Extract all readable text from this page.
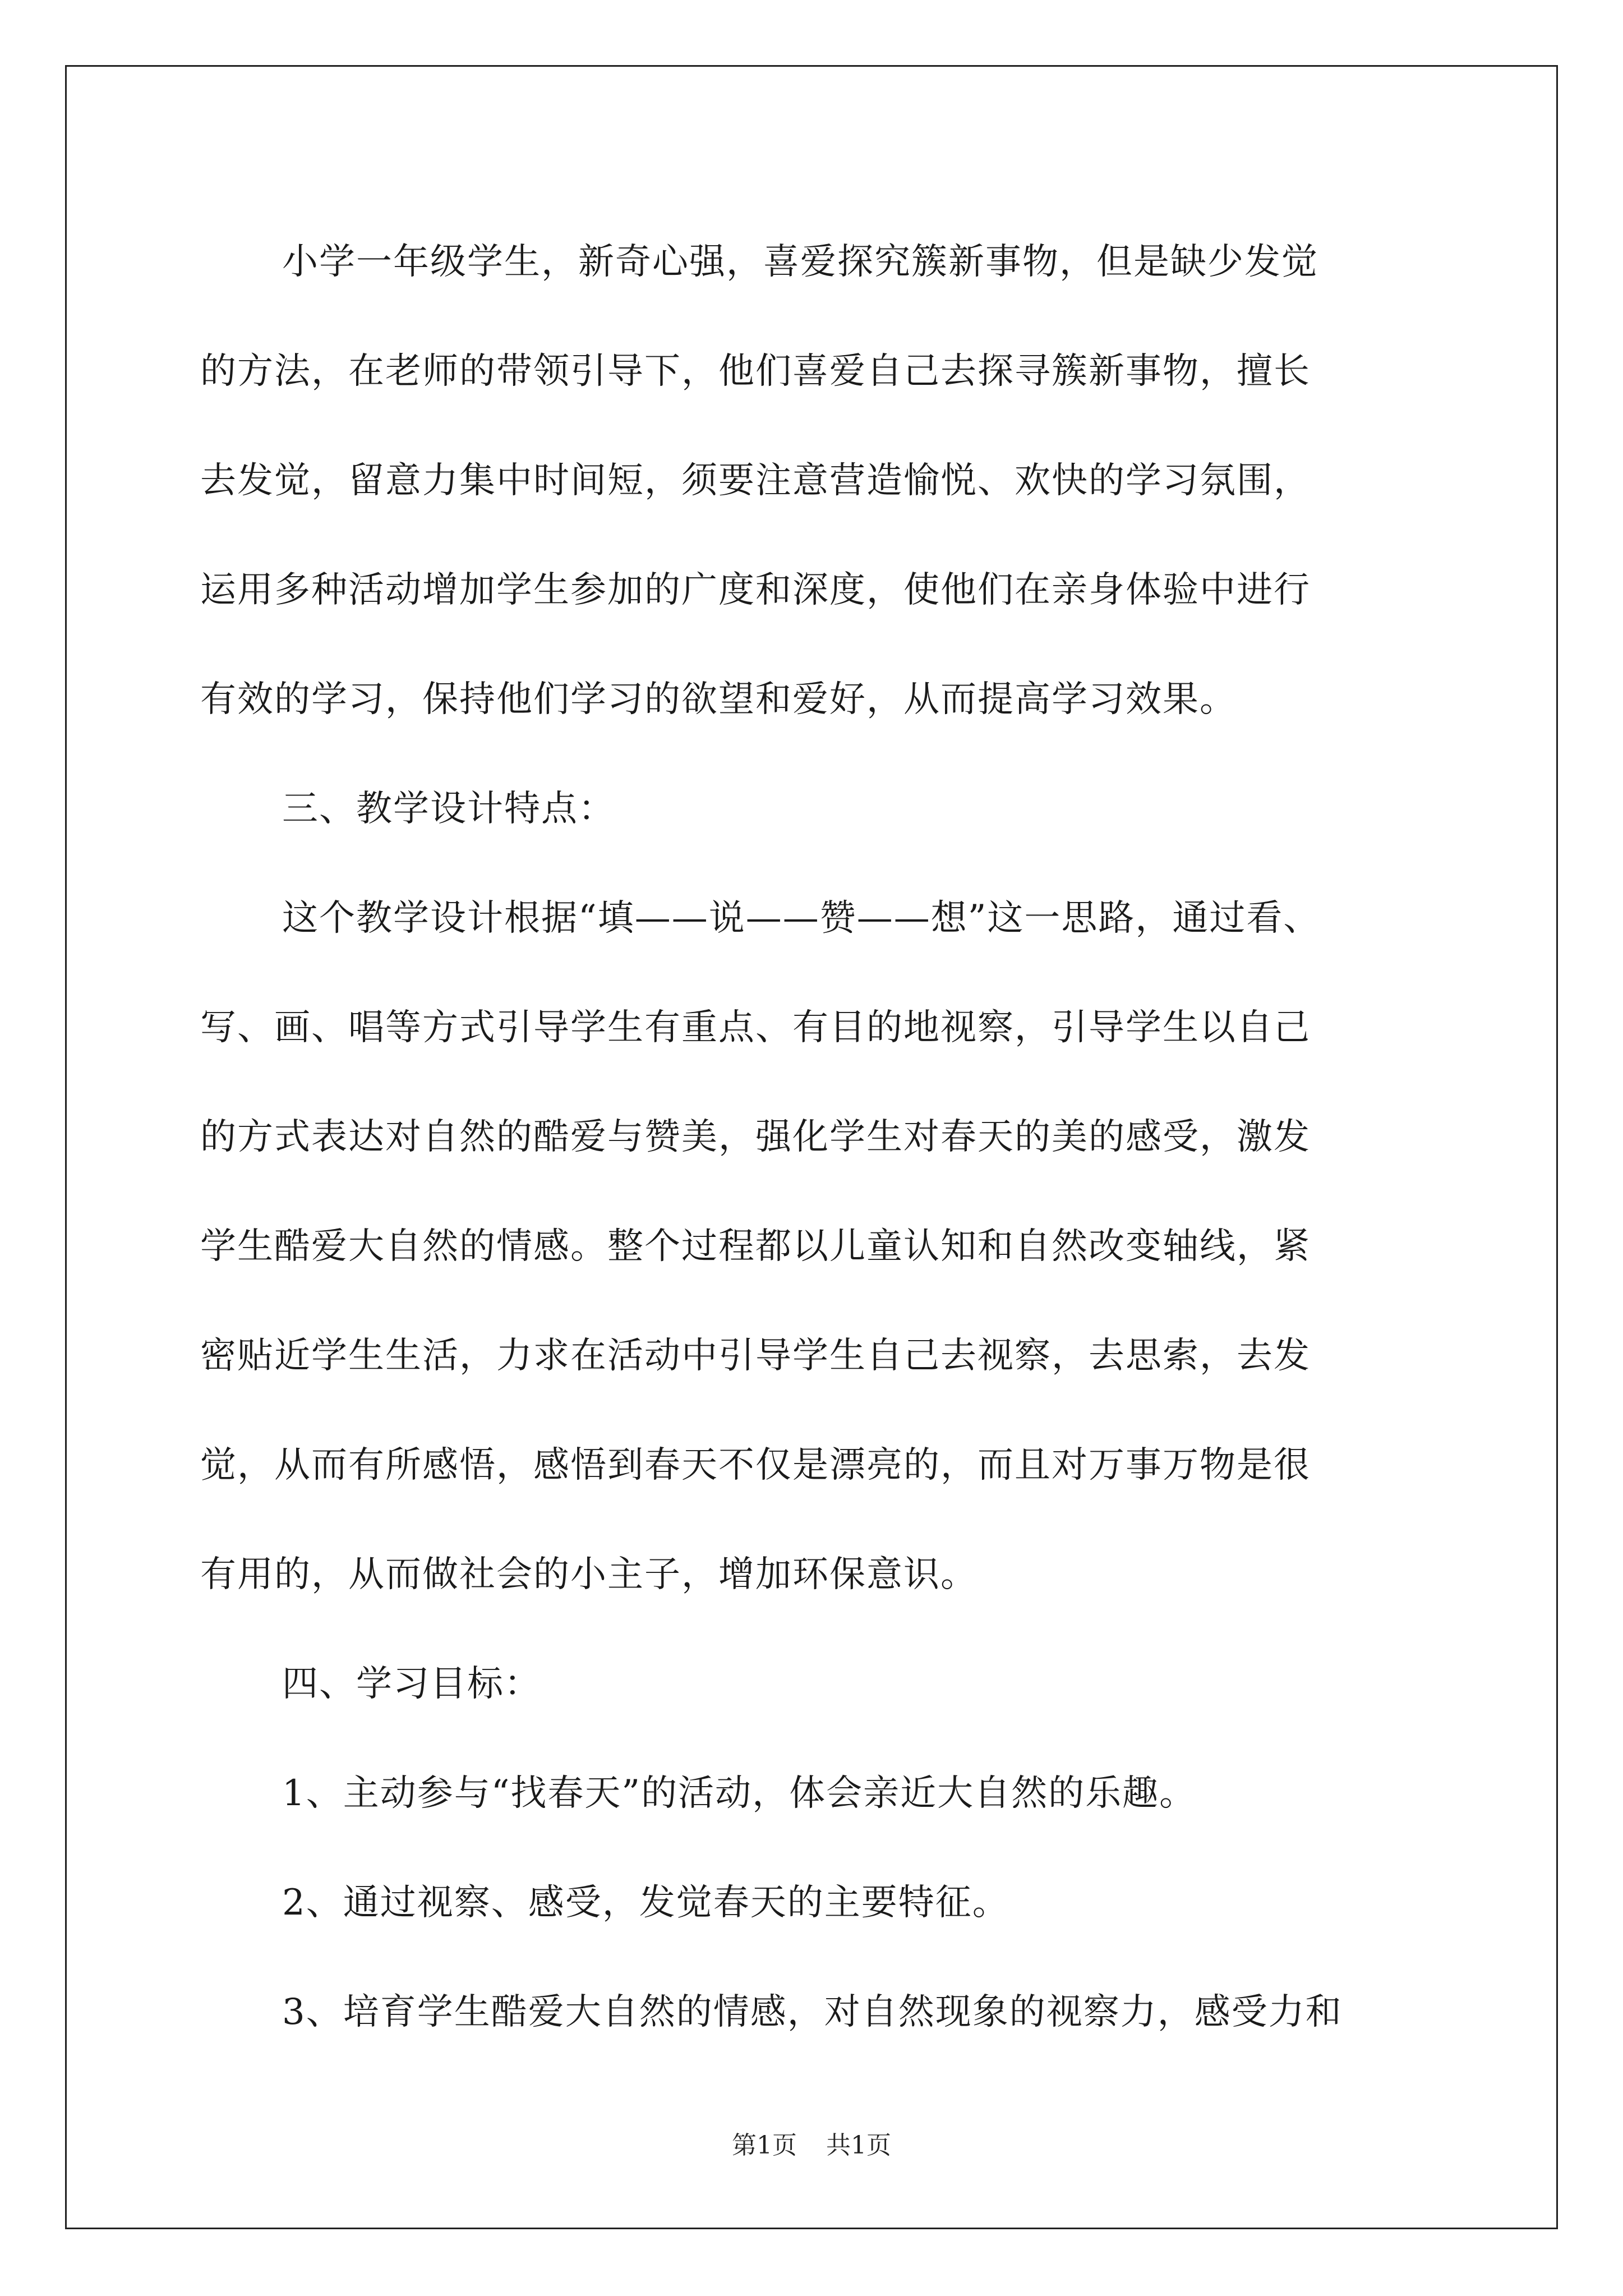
小学一年级学生，新奇心强，喜爱探究簇新事物，但是缺少发觉
的方法，在老师的带领引导下，他们喜爱自己去探寻簇新事物，擅长
去发觉，留意力集中时间短，须要注意营造愉悦、欢快的学习氛围，
运用多种活动增加学生参加的广度和深度，使他们在亲身体验中进行
有效的学习，保持他们学习的欲望和爱好，从而提高学习效果。
三、教学设计特点：
这个教学设计根据“填——说——赞——想”这一思路，通过看、
写、画、唱等方式引导学生有重点、有目的地视察，引导学生以自己
的方式表达对自然的酷爱与赞美，强化学生对春天的美的感受，激发
学生酷爱大自然的情感。整个过程都以儿童认知和自然改变轴线，紧
密贴近学生生活，力求在活动中引导学生自己去视察，去思索，去发
觉，从而有所感悟，感悟到春天不仅是漂亮的，而且对万事万物是很
有用的，从而做社会的小主子，增加环保意识。
四、学习目标：
1、主动参与“找春天”的活动，体会亲近大自然的乐趣。
2、通过视察、感受，发觉春天的主要特征。
3、培育学生酷爱大自然的情感，对自然现象的视察力，感受力和
第1页 共1页
